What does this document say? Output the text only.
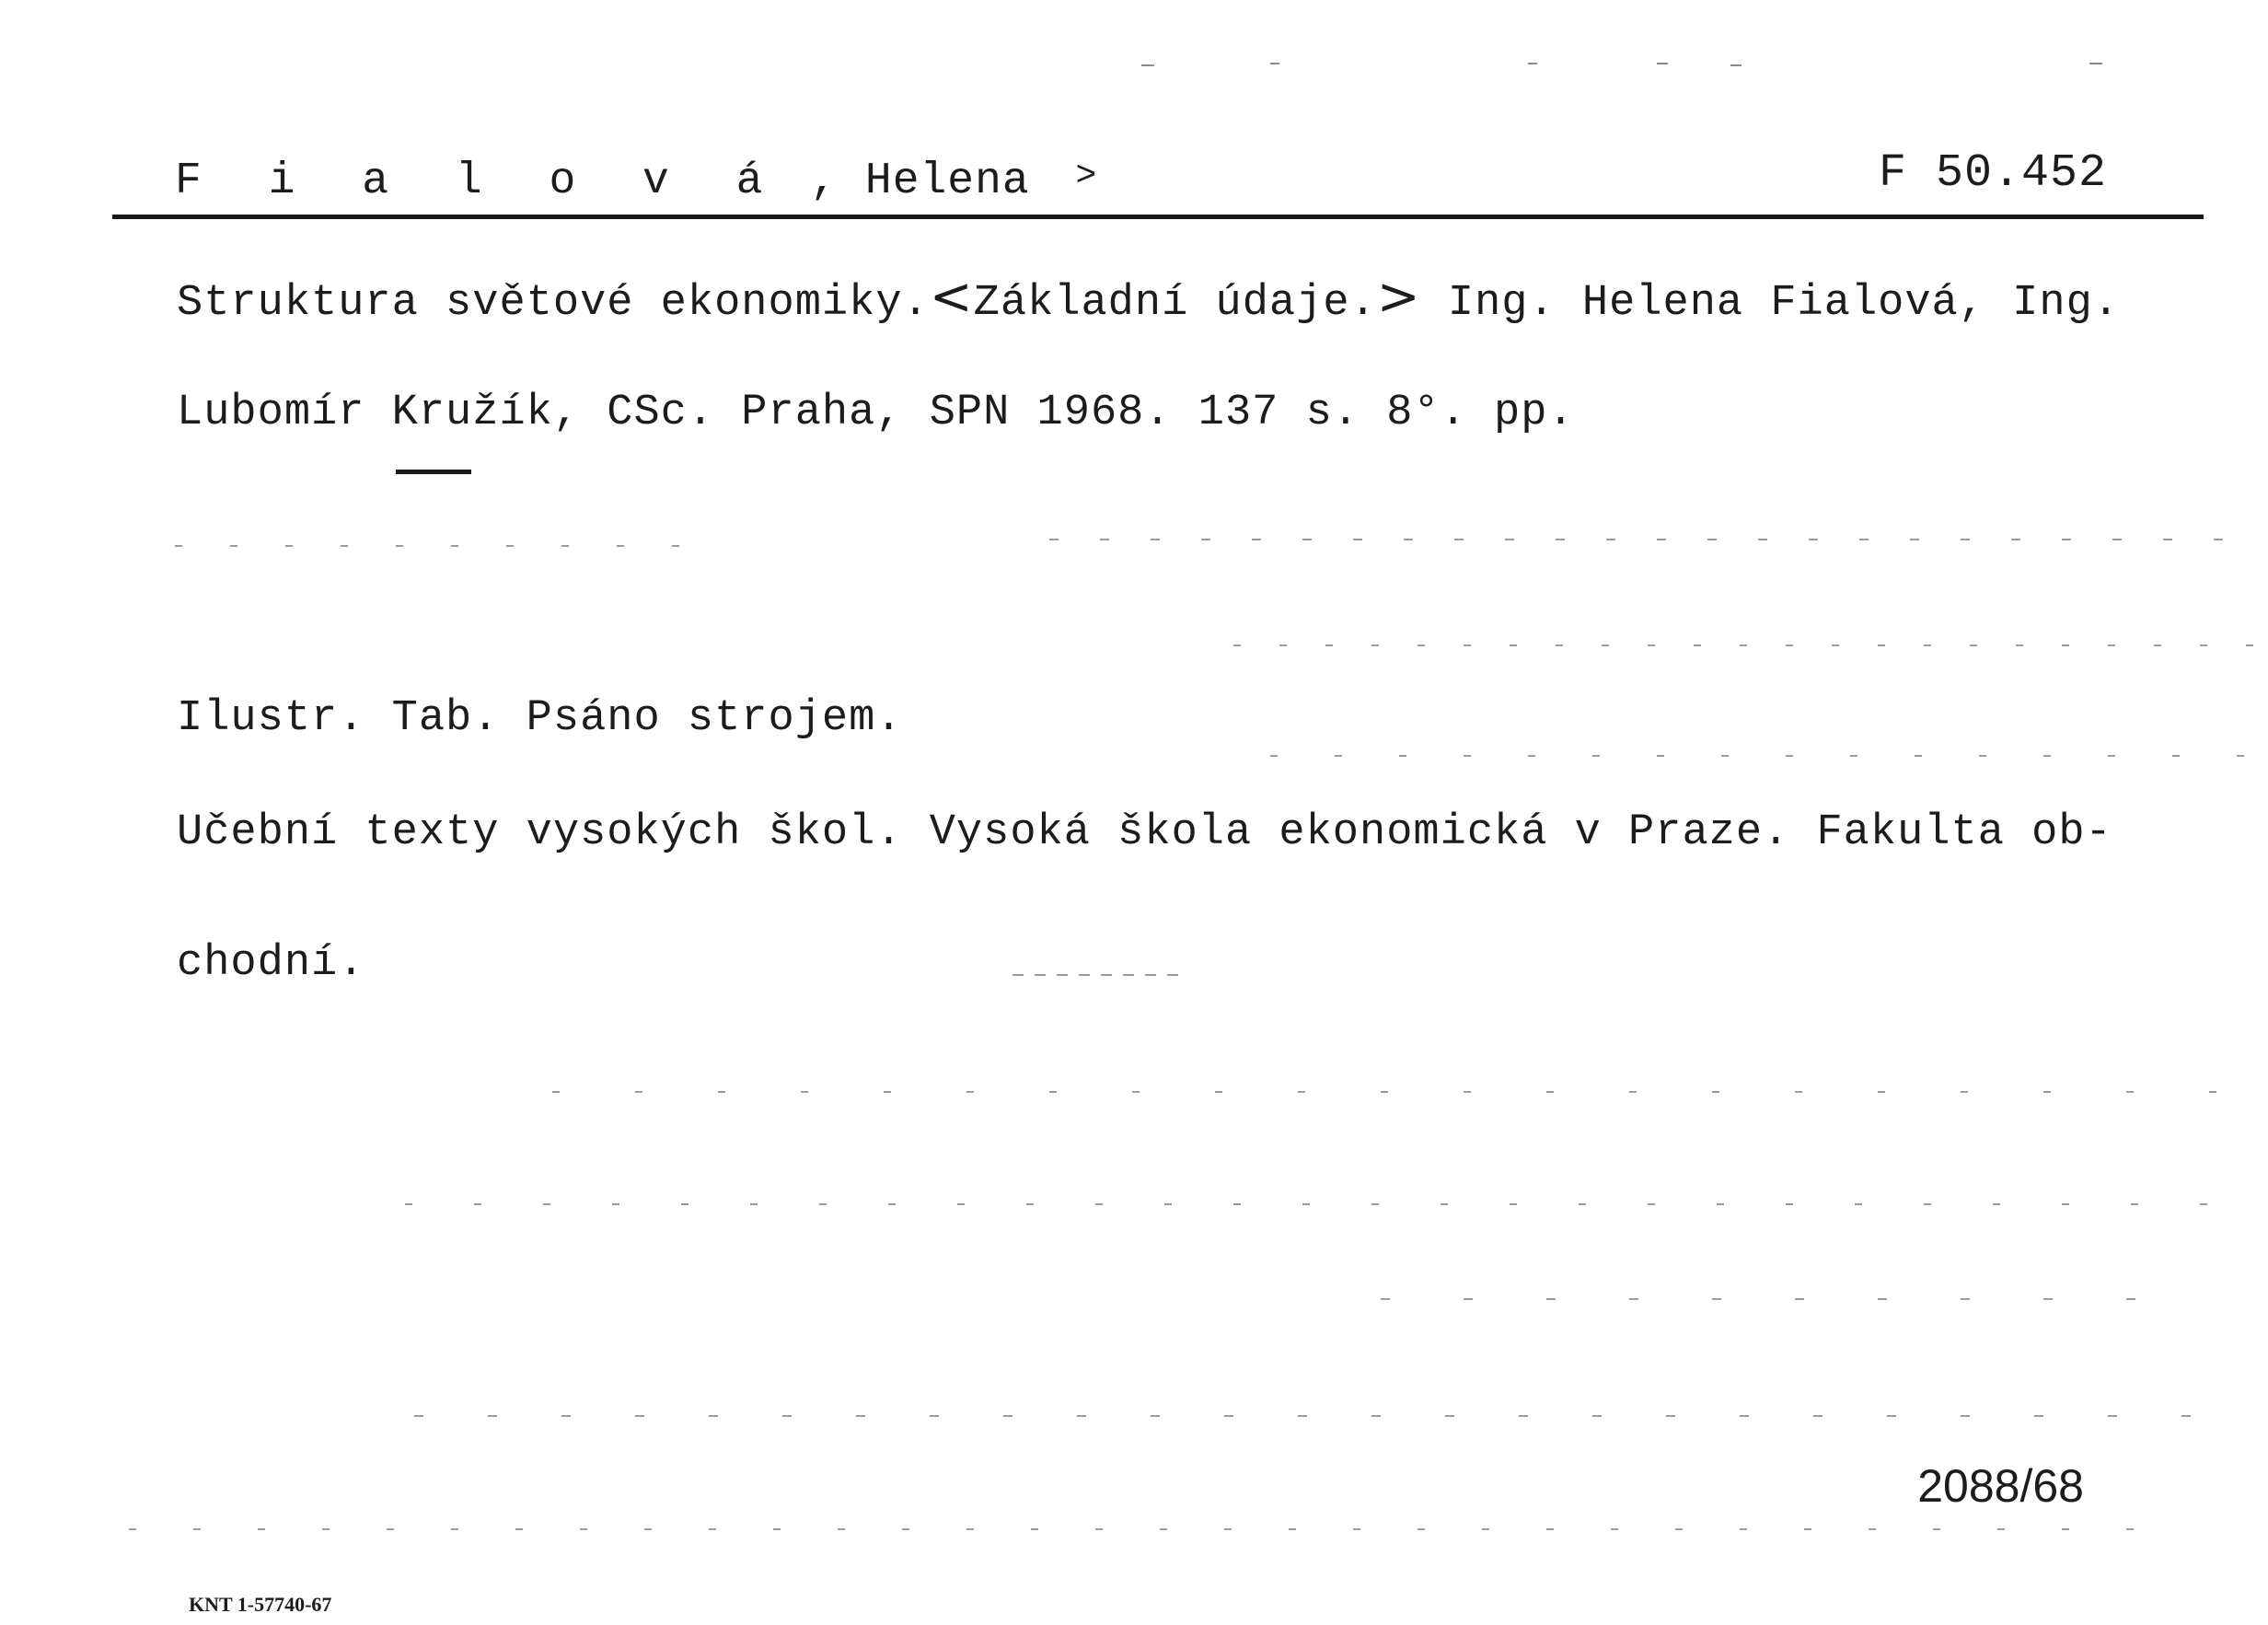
F i a l o v á , Helena >	F 50.452
Struktura světové ekonomiky.<Základní údaje.> Ing. Helena Fialová, Ing.
Lubomír Kružík, CSc. Praha, SPN 1968. 137 s. 8°. pp.
Ilustr. Tab. Psáno strojem.
Učební texty vysokých škol. Vysoká škola ekonomická v Praze. Fakulta ob-
chodní.
2088/68
KNT 1-57740-67
